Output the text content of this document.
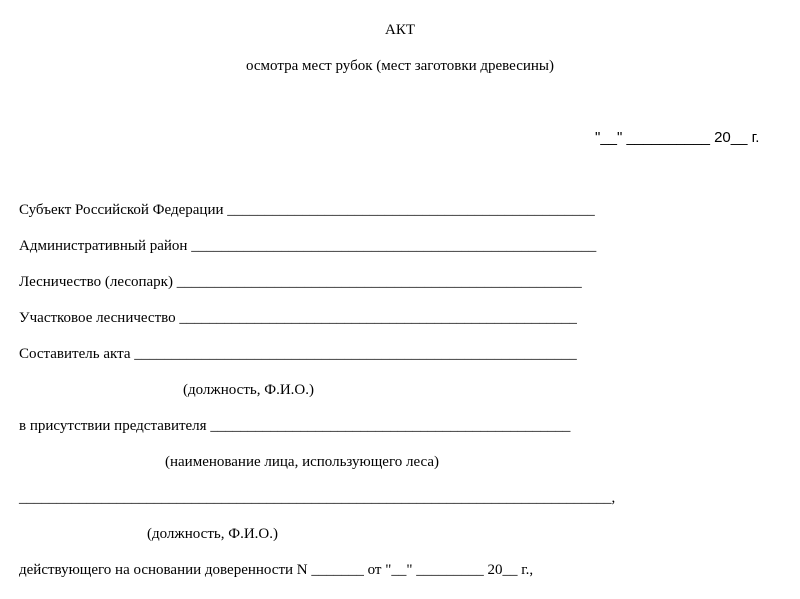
АКТ
осмотра мест рубок (мест заготовки древесины)
"__" __________ 20__ г.
Субъект Российской Федерации _________________________________________________
Административный район ______________________________________________________
Лесничество (лесопарк) ______________________________________________________
Участковое лесничество _____________________________________________________
Составитель акта ___________________________________________________________
(должность, Ф.И.О.)
в присутствии представителя ________________________________________________
(наименование лица, использующего леса)
_______________________________________________________________________________,
(должность, Ф.И.О.)
действующего на основании доверенности N _______ от "__" _________ 20__ г.,
